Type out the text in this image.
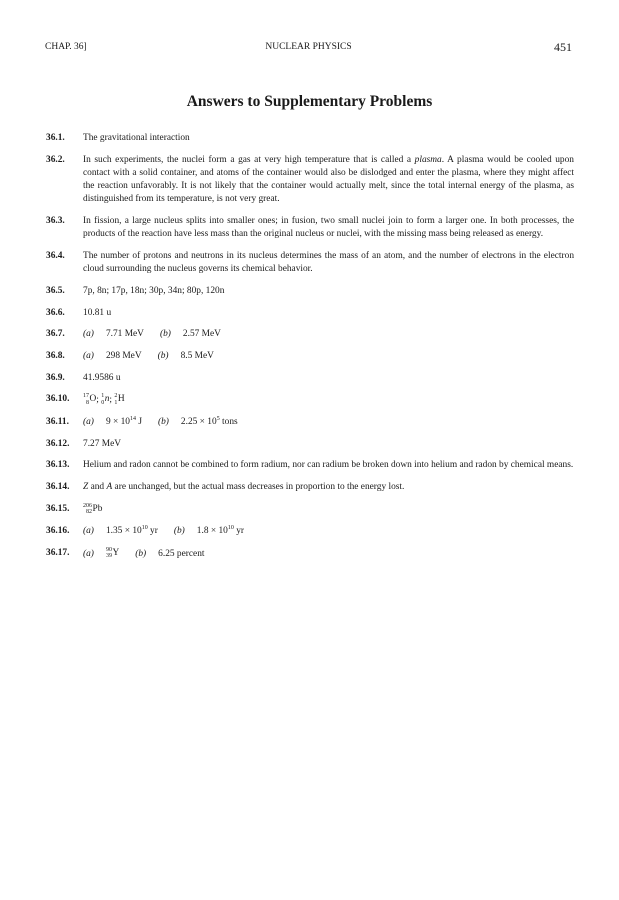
CHAP. 36]	NUCLEAR PHYSICS	451
Answers to Supplementary Problems
36.1.	The gravitational interaction
36.2.	In such experiments, the nuclei form a gas at very high temperature that is called a plasma. A plasma would be cooled upon contact with a solid container, and atoms of the container would also be dislodged and enter the plasma, where they might affect the reaction unfavorably. It is not likely that the container would actually melt, since the total internal energy of the plasma, as distinguished from its temperature, is not very great.
36.3.	In fission, a large nucleus splits into smaller ones; in fusion, two small nuclei join to form a larger one. In both processes, the products of the reaction have less mass than the original nucleus or nuclei, with the missing mass being released as energy.
36.4.	The number of protons and neutrons in its nucleus determines the mass of an atom, and the number of electrons in the electron cloud surrounding the nucleus governs its chemical behavior.
36.5.	7p, 8n; 17p, 18n; 30p, 34n; 80p, 120n
36.6.	10.81 u
36.7.	(a) 7.71 MeV (b) 2.57 MeV
36.8.	(a) 298 MeV (b) 8.5 MeV
36.9.	41.9586 u
36.10.	17
8 O ; 1
0 n ; 2
1 H
36.11.	(a) $9 \times 10^{14}$ J (b) $2.25 \times 10^5$ tons
36.12.	7.27 MeV
36.13.	Helium and radon cannot be combined to form radium, nor can radium be broken down into helium and radon by chemical means.
36.14.	Z and A are unchanged, but the actual mass decreases in proportion to the energy lost.
36.15.	206
82 Pb
36.16.	(a) $1.35 \times 10^{10}$ yr (b) $1.8 \times 10^{10}$ yr
36.17.	(a) 90
39 Y (b) 6.25 percent
